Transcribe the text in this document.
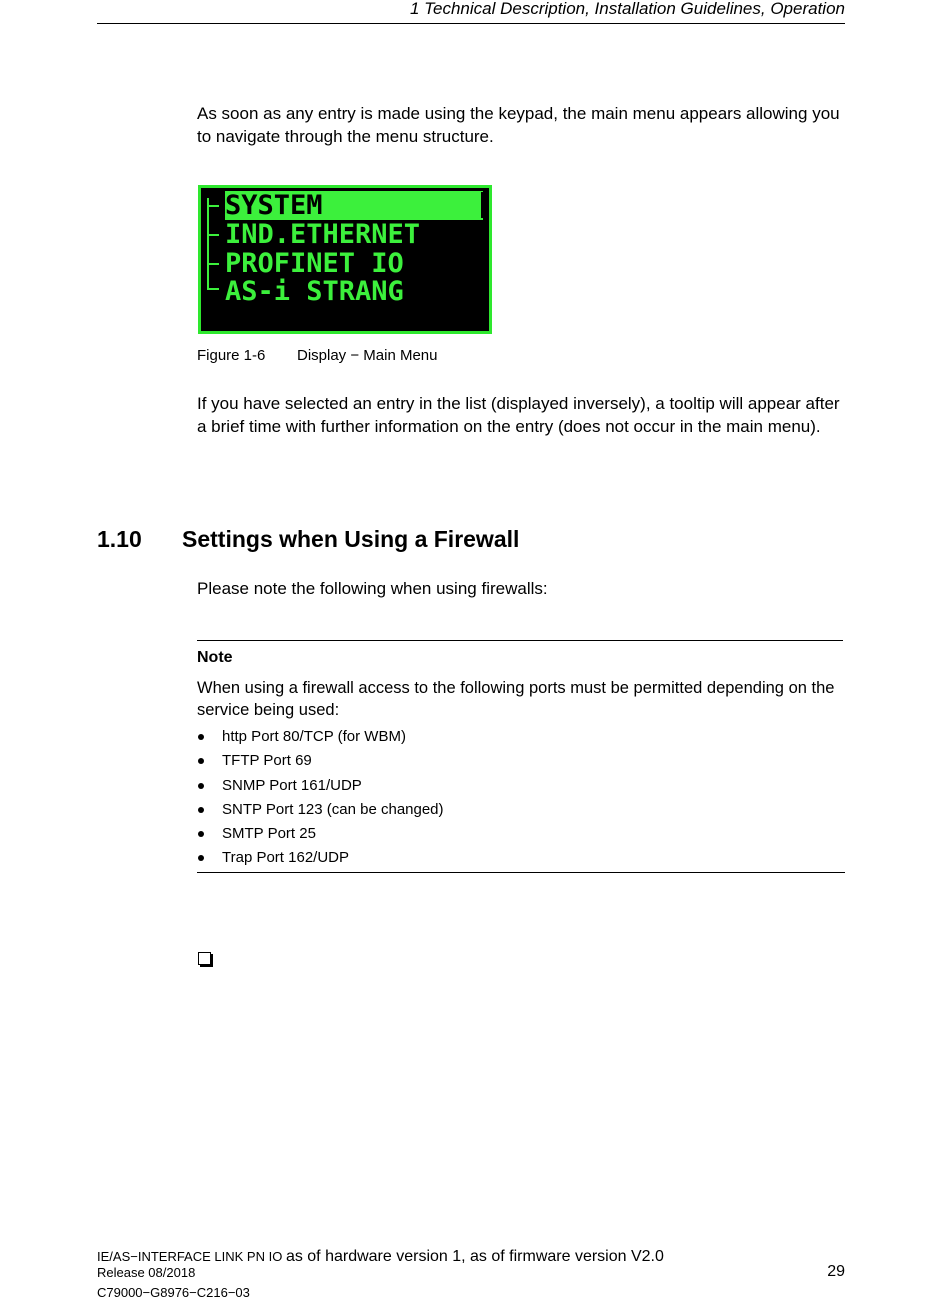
1 Technical Description, Installation Guidelines, Operation
As soon as any entry is made using the keypad, the main menu appears allowing you to navigate through the menu structure.
SYSTEM
IND.ETHERNET
PROFINET IO
AS-i STRANG
Figure 1-6 Display − Main Menu
If you have selected an entry in the list (displayed inversely), a tooltip will appear after a brief time with further information on the entry (does not occur in the main menu).
1.10 Settings when Using a Firewall
Please note the following when using firewalls:
Note
When using a firewall access to the following ports must be permitted depending on the service being used:
http Port 80/TCP (for WBM)
TFTP Port 69
SNMP Port 161/UDP
SNTP Port 123 (can be changed)
SMTP Port 25
Trap Port 162/UDP
IE/AS−INTERFACE LINK PN IO as of hardware version 1, as of firmware version V2.0
Release 08/2018
C79000−G8976−C216−03
29
